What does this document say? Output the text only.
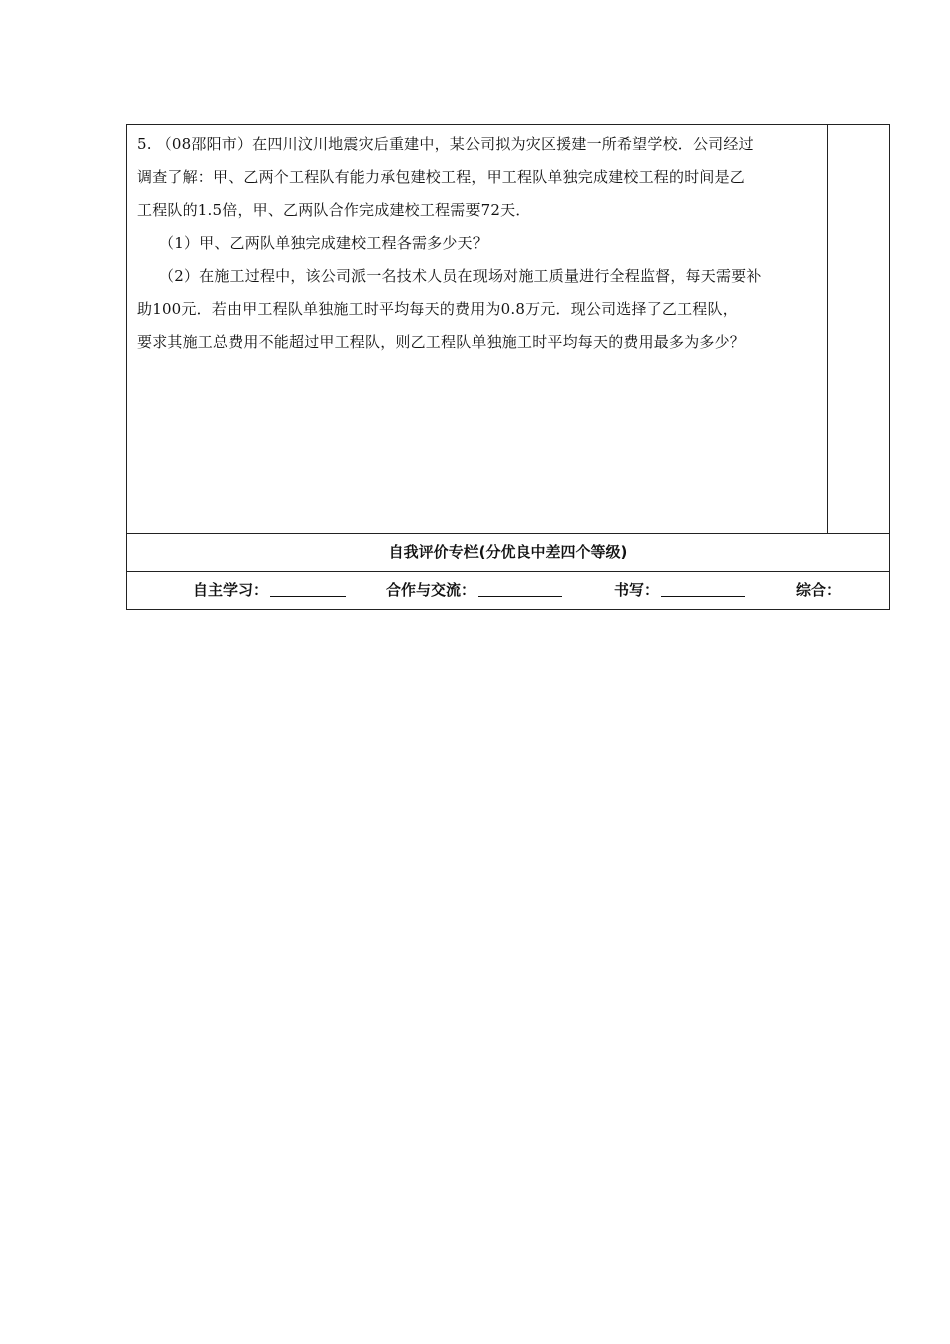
5. （08邵阳市）在四川汶川地震灾后重建中，某公司拟为灾区援建一所希望学校．公司经过
调查了解：甲、乙两个工程队有能力承包建校工程，甲工程队单独完成建校工程的时间是乙
工程队的1.5倍，甲、乙两队合作完成建校工程需要72天．
（1）甲、乙两队单独完成建校工程各需多少天？
（2）在施工过程中，该公司派一名技术人员在现场对施工质量进行全程监督，每天需要补
助100元．若由甲工程队单独施工时平均每天的费用为0.8万元．现公司选择了乙工程队，
要求其施工总费用不能超过甲工程队，则乙工程队单独施工时平均每天的费用最多为多少？
自我评价专栏(分优良中差四个等级)
自主学习：	合作与交流：	书写：	综合：
